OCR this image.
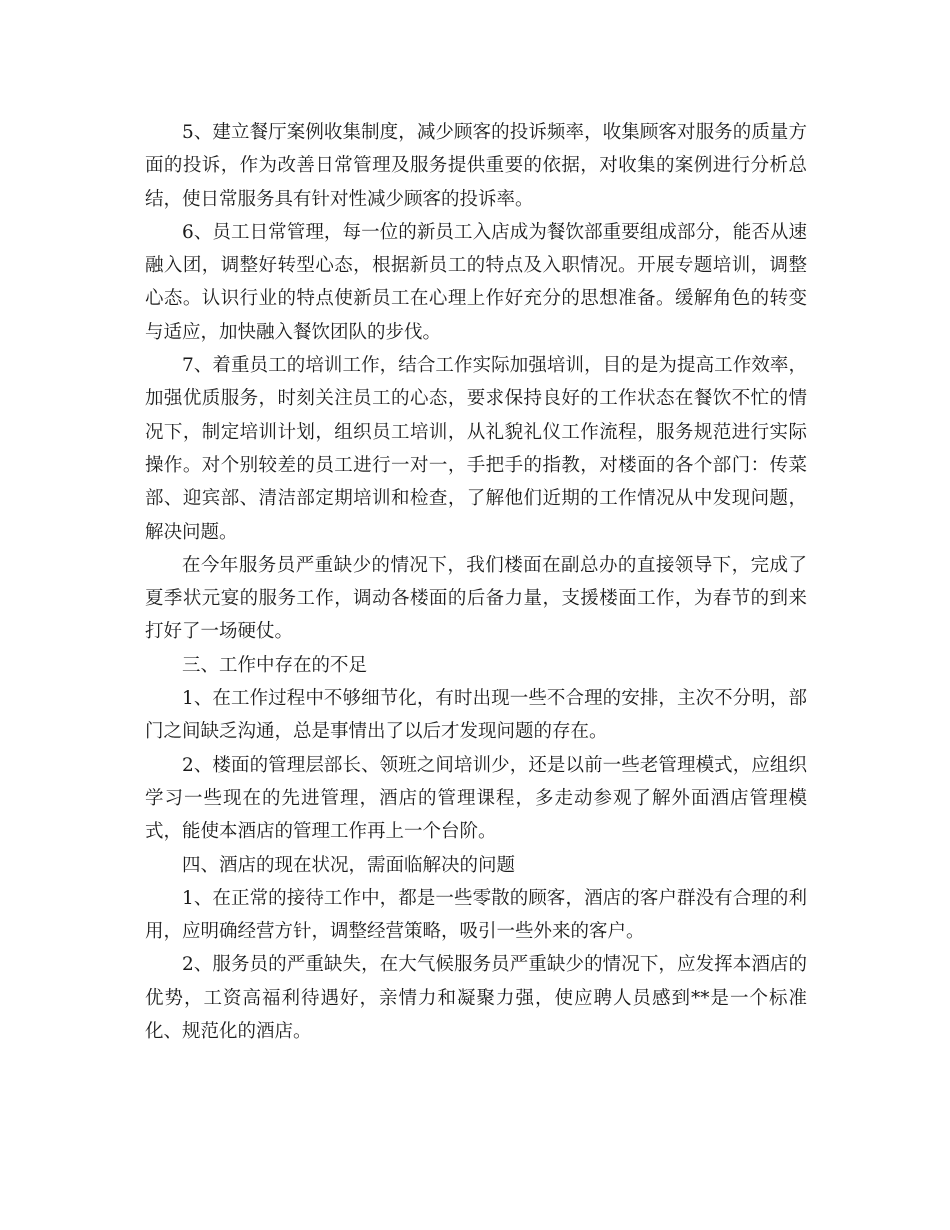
5、建立餐厅案例收集制度，减少顾客的投诉频率，收集顾客对服务的质量方面的投诉，作为改善日常管理及服务提供重要的依据，对收集的案例进行分析总结，使日常服务具有针对性减少顾客的投诉率。

6、员工日常管理，每一位的新员工入店成为餐饮部重要组成部分，能否从速融入团，调整好转型心态，根据新员工的特点及入职情况。开展专题培训，调整心态。认识行业的特点使新员工在心理上作好充分的思想准备。缓解角色的转变与适应，加快融入餐饮团队的步伐。

7、着重员工的培训工作，结合工作实际加强培训，目的是为提高工作效率，加强优质服务，时刻关注员工的心态，要求保持良好的工作状态在餐饮不忙的情况下，制定培训计划，组织员工培训，从礼貌礼仪工作流程，服务规范进行实际操作。对个别较差的员工进行一对一，手把手的指教，对楼面的各个部门：传菜部、迎宾部、清洁部定期培训和检查，了解他们近期的工作情况从中发现问题，解决问题。

在今年服务员严重缺少的情况下，我们楼面在副总办的直接领导下，完成了夏季状元宴的服务工作，调动各楼面的后备力量，支援楼面工作，为春节的到来打好了一场硬仗。

三、工作中存在的不足

1、在工作过程中不够细节化，有时出现一些不合理的安排，主次不分明，部门之间缺乏沟通，总是事情出了以后才发现问题的存在。

2、楼面的管理层部长、领班之间培训少，还是以前一些老管理模式，应组织学习一些现在的先进管理，酒店的管理课程，多走动参观了解外面酒店管理模式，能使本酒店的管理工作再上一个台阶。

四、酒店的现在状况，需面临解决的问题

1、在正常的接待工作中，都是一些零散的顾客，酒店的客户群没有合理的利用，应明确经营方针，调整经营策略，吸引一些外来的客户。

2、服务员的严重缺失，在大气候服务员严重缺少的情况下，应发挥本酒店的优势，工资高福利待遇好，亲情力和凝聚力强，使应聘人员感到**是一个标准化、规范化的酒店。
